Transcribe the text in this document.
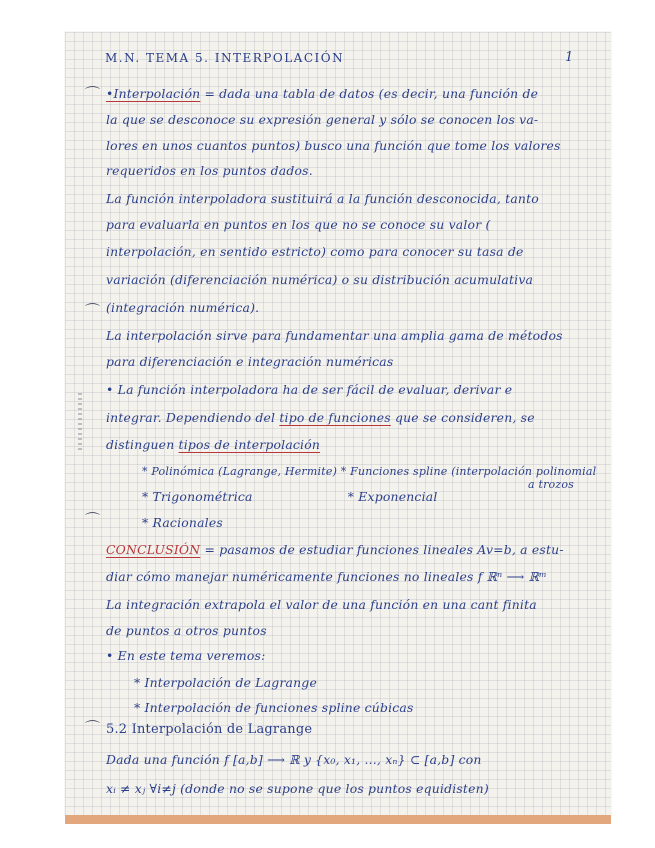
⌒
⌒
⌒
⌒

M.N. TEMA 5. INTERPOLACIÓN	1

•Interpolación = dada una tabla de datos (es decir, una función de

la que se desconoce su expresión general y sólo se conocen los va-

lores en unos cuantos puntos) busco una función que tome los valores

requeridos en los puntos dados.

La función interpoladora sustituirá a la función desconocida, tanto

para evaluarla en puntos en los que no se conoce su valor (

interpolación, en sentido estricto) como para conocer su tasa de

variación (diferenciación numérica) o su distribución acumulativa

(integración numérica).

La interpolación sirve para fundamentar una amplia gama de métodos

para diferenciación e integración numéricas

• La función interpoladora ha de ser fácil de evaluar, derivar e

integrar. Dependiendo del tipo de funciones que se consideren, se

distinguen tipos de interpolación

* Polinómica (Lagrange, Hermite) * Funciones spline (interpolación polinomial

a trozos

* Trigonométrica                       * Exponencial

* Racionales

CONCLUSIÓN = pasamos de estudiar funciones lineales Av=b, a estu-

diar cómo manejar numéricamente funciones no lineales f ℝⁿ ⟶ ℝᵐ

La integración extrapola el valor de una función en una cant finita

de puntos a otros puntos

• En este tema veremos:

* Interpolación de Lagrange

* Interpolación de funciones spline cúbicas

5.2 Interpolación de Lagrange

Dada una función f [a,b] ⟶ ℝ y {x₀, x₁, ..., xₙ} ⊂ [a,b] con

xᵢ ≠ xⱼ ∀i≠j (donde no se supone que los puntos equidisten)
